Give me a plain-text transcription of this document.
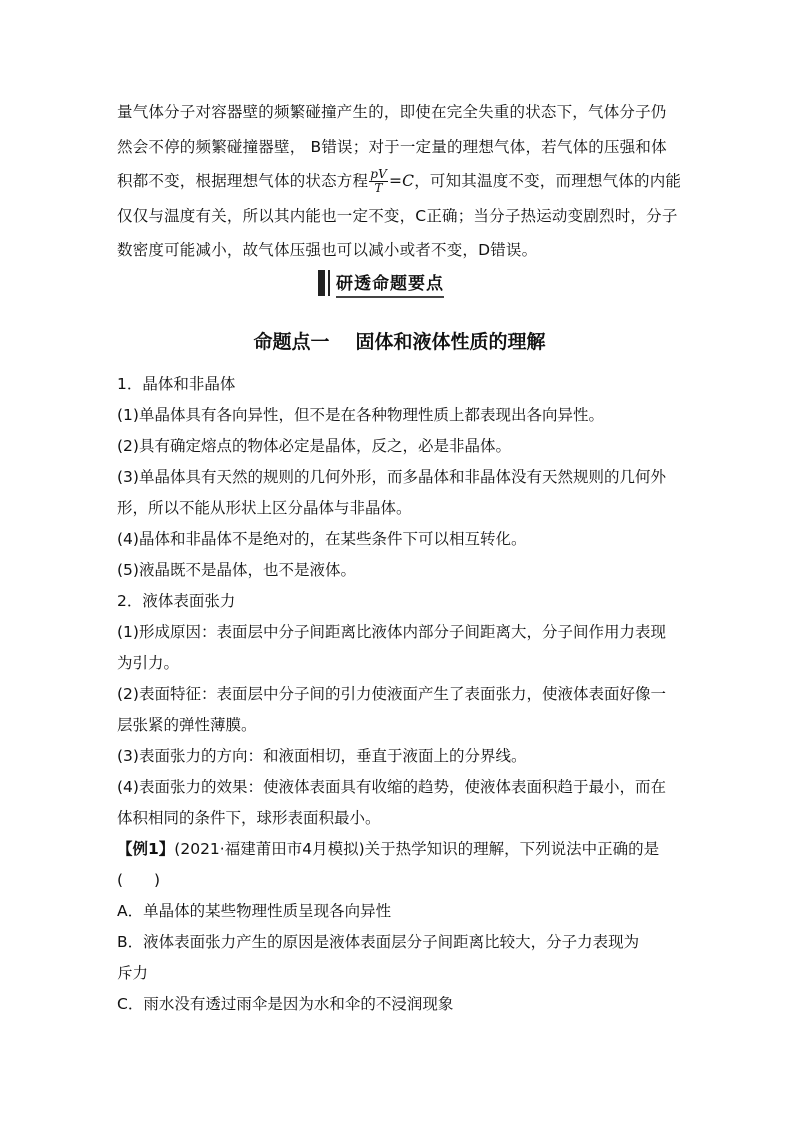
量气体分子对容器壁的频繁碰撞产生的，即使在完全失重的状态下，气体分子仍然会不停的频繁碰撞器壁， B错误；对于一定量的理想气体，若气体的压强和体积都不变，根据理想气体的状态方程 $\frac{pV}{T} =C$，可知其温度不变，而理想气体的内能仅仅与温度有关，所以其内能也一定不变，C正确；当分子热运动变剧烈时，分子数密度可能减小，故气体压强也可以减小或者不变，D错误。

研透命题要点
命题点一 固体和液体性质的理解
1．晶体和非晶体
(1)单晶体具有各向异性，但不是在各种物理性质上都表现出各向异性。
(2)具有确定熔点的物体必定是晶体，反之，必是非晶体。
(3)单晶体具有天然的规则的几何外形，而多晶体和非晶体没有天然规则的几何外
形，所以不能从形状上区分晶体与非晶体。
(4)晶体和非晶体不是绝对的，在某些条件下可以相互转化。
(5)液晶既不是晶体，也不是液体。
2．液体表面张力
(1)形成原因：表面层中分子间距离比液体内部分子间距离大，分子间作用力表现
为引力。
(2)表面特征：表面层中分子间的引力使液面产生了表面张力，使液体表面好像一
层张紧的弹性薄膜。
(3)表面张力的方向：和液面相切，垂直于液面上的分界线。
(4)表面张力的效果：使液体表面具有收缩的趋势，使液体表面积趋于最小，而在
体积相同的条件下，球形表面积最小。
【例1】(2021·福建莆田市4月模拟)关于热学知识的理解，下列说法中正确的是
(　　)
A．单晶体的某些物理性质呈现各向异性
B．液体表面张力产生的原因是液体表面层分子间距离比较大，分子力表现为
斥力
C．雨水没有透过雨伞是因为水和伞的不浸润现象
